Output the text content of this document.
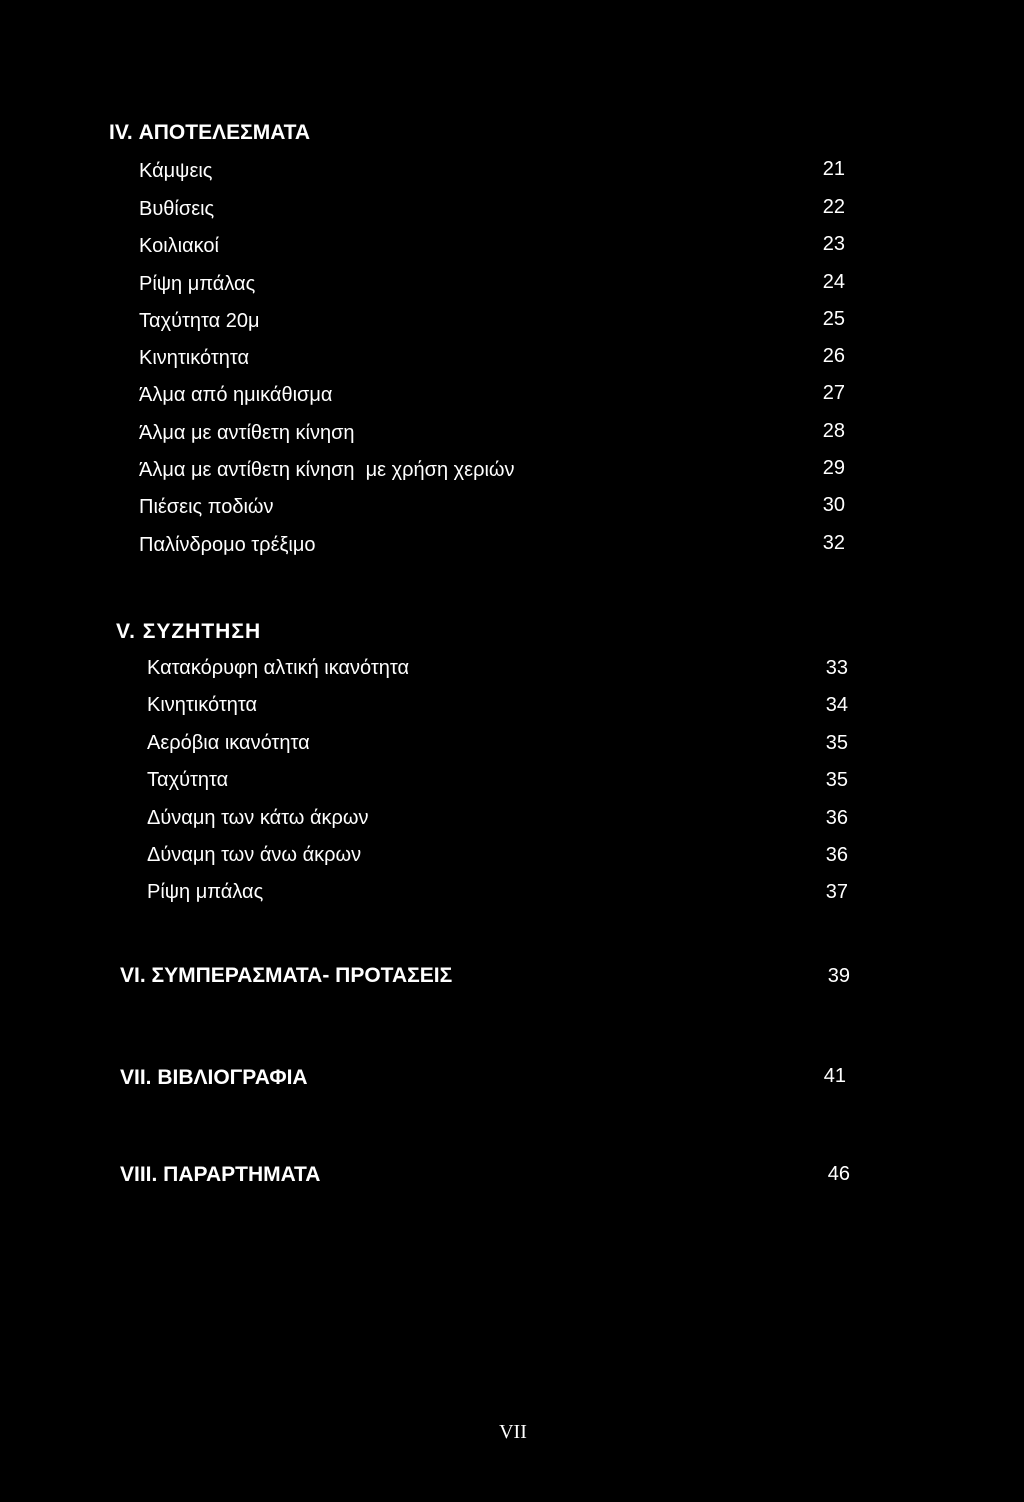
IV. ΑΠΟΤΕΛΕΣΜΑΤΑ
Κάμψεις	21
Βυθίσεις	22
Κοιλιακοί	23
Ρίψη μπάλας	24
Ταχύτητα 20μ	25
Κινητικότητα	26
Άλμα από ημικάθισμα	27
Άλμα με αντίθετη κίνηση	28
Άλμα με αντίθετη κίνηση  με χρήση χεριών	29
Πιέσεις ποδιών	30
Παλίνδρομο τρέξιμο	32
V. ΣΥΖΗΤΗΣΗ
Κατακόρυφη αλτική ικανότητα	33
Κινητικότητα	34
Αερόβια ικανότητα	35
Ταχύτητα	35
Δύναμη των κάτω άκρων	36
Δύναμη των άνω άκρων	36
Ρίψη μπάλας	37
VI. ΣΥΜΠΕΡΑΣΜΑΤΑ- ΠΡΟΤΑΣΕΙΣ	39
VII. ΒΙΒΛΙΟΓΡΑΦΙΑ	41
VIII. ΠΑΡΑΡΤΗΜΑΤΑ	46
VII
